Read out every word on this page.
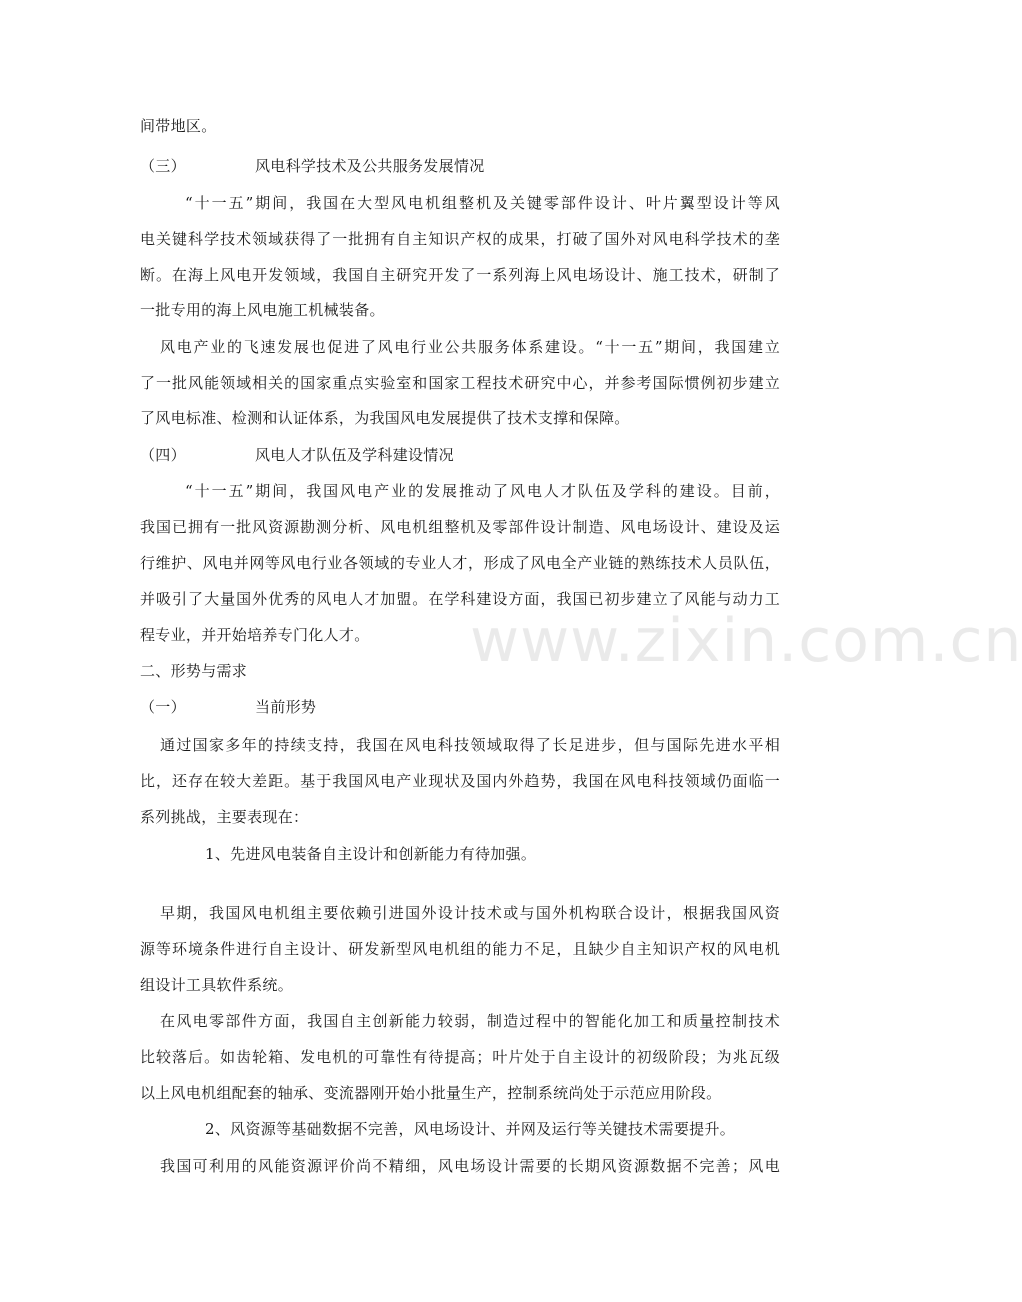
间带地区。
（三）	风电科学技术及公共服务发展情况
“十一五”期间，我国在大型风电机组整机及关键零部件设计、叶片翼型设计等风
电关键科学技术领域获得了一批拥有自主知识产权的成果，打破了国外对风电科学技术的垄
断。在海上风电开发领域，我国自主研究开发了一系列海上风电场设计、施工技术，研制了
一批专用的海上风电施工机械装备。
风电产业的飞速发展也促进了风电行业公共服务体系建设。“十一五”期间，我国建立
了一批风能领域相关的国家重点实验室和国家工程技术研究中心，并参考国际惯例初步建立
了风电标准、检测和认证体系，为我国风电发展提供了技术支撑和保障。
（四）	风电人才队伍及学科建设情况
“十一五”期间，我国风电产业的发展推动了风电人才队伍及学科的建设。目前，
我国已拥有一批风资源勘测分析、风电机组整机及零部件设计制造、风电场设计、建设及运
行维护、风电并网等风电行业各领域的专业人才，形成了风电全产业链的熟练技术人员队伍，
并吸引了大量国外优秀的风电人才加盟。在学科建设方面，我国已初步建立了风能与动力工
程专业，并开始培养专门化人才。
二、形势与需求
（一）	当前形势
通过国家多年的持续支持，我国在风电科技领域取得了长足进步，但与国际先进水平相
比，还存在较大差距。基于我国风电产业现状及国内外趋势，我国在风电科技领域仍面临一
系列挑战，主要表现在：
1、先进风电装备自主设计和创新能力有待加强。
早期，我国风电机组主要依赖引进国外设计技术或与国外机构联合设计，根据我国风资
源等环境条件进行自主设计、研发新型风电机组的能力不足，且缺少自主知识产权的风电机
组设计工具软件系统。
在风电零部件方面，我国自主创新能力较弱，制造过程中的智能化加工和质量控制技术
比较落后。如齿轮箱、发电机的可靠性有待提高；叶片处于自主设计的初级阶段；为兆瓦级
以上风电机组配套的轴承、变流器刚开始小批量生产，控制系统尚处于示范应用阶段。
2、风资源等基础数据不完善，风电场设计、并网及运行等关键技术需要提升。
我国可利用的风能资源评价尚不精细，风电场设计需要的长期风资源数据不完善；风电
www.zixin.com.cn
